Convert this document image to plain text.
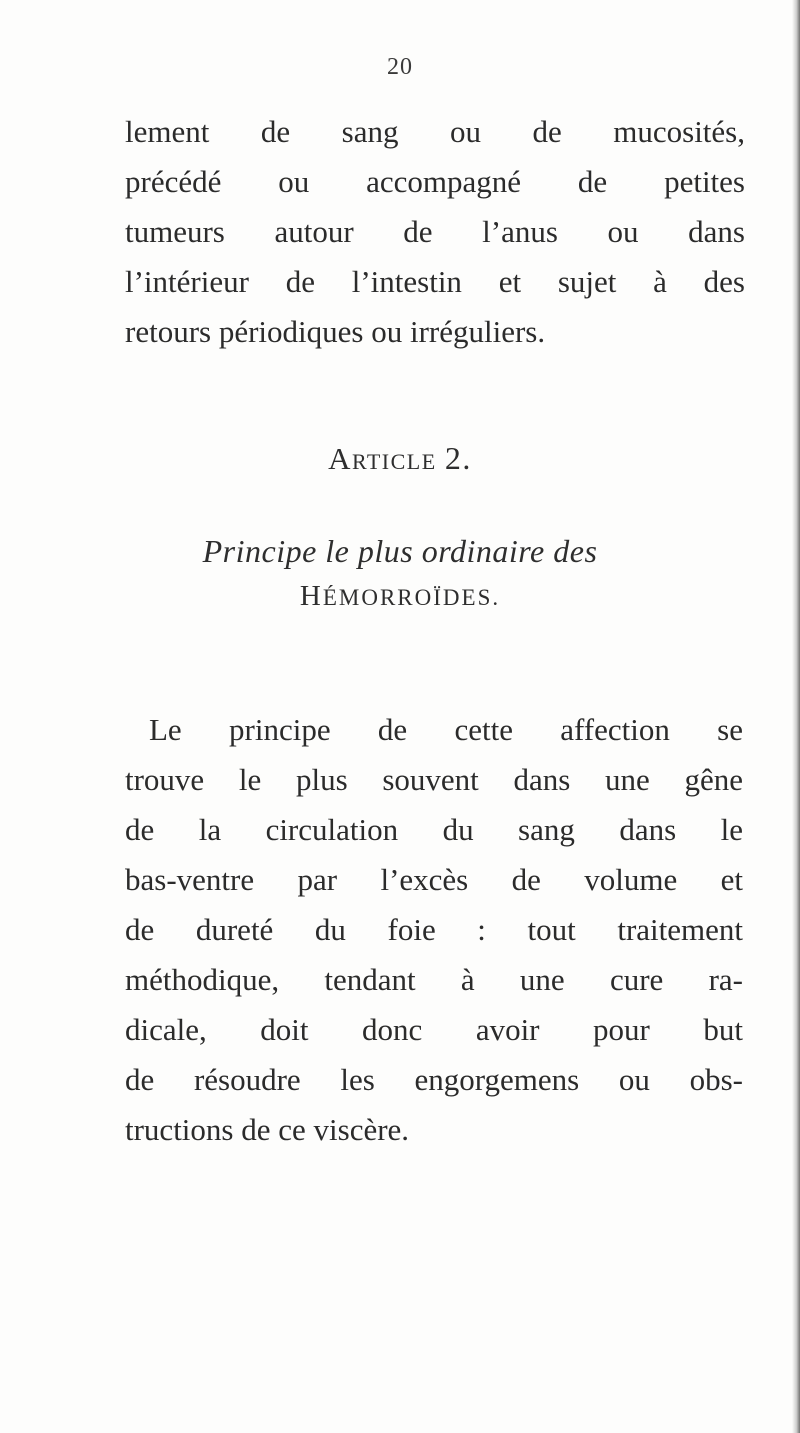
20
lement de sang ou de mucosités,
précédé ou accompagné de petites
tumeurs autour de l’anus ou dans
l’intérieur de l’intestin et sujet à des
retours périodiques ou irréguliers.
ARTICLE 2.
Principe le plus ordinaire des
HÉMORROÏDES.
Le principe de cette affection se
trouve le plus souvent dans une gêne
de la circulation du sang dans le
bas-ventre par l’excès de volume et
de dureté du foie : tout traitement
méthodique, tendant à une cure ra-
dicale, doit donc avoir pour but
de résoudre les engorgemens ou obs-
tructions de ce viscère.
